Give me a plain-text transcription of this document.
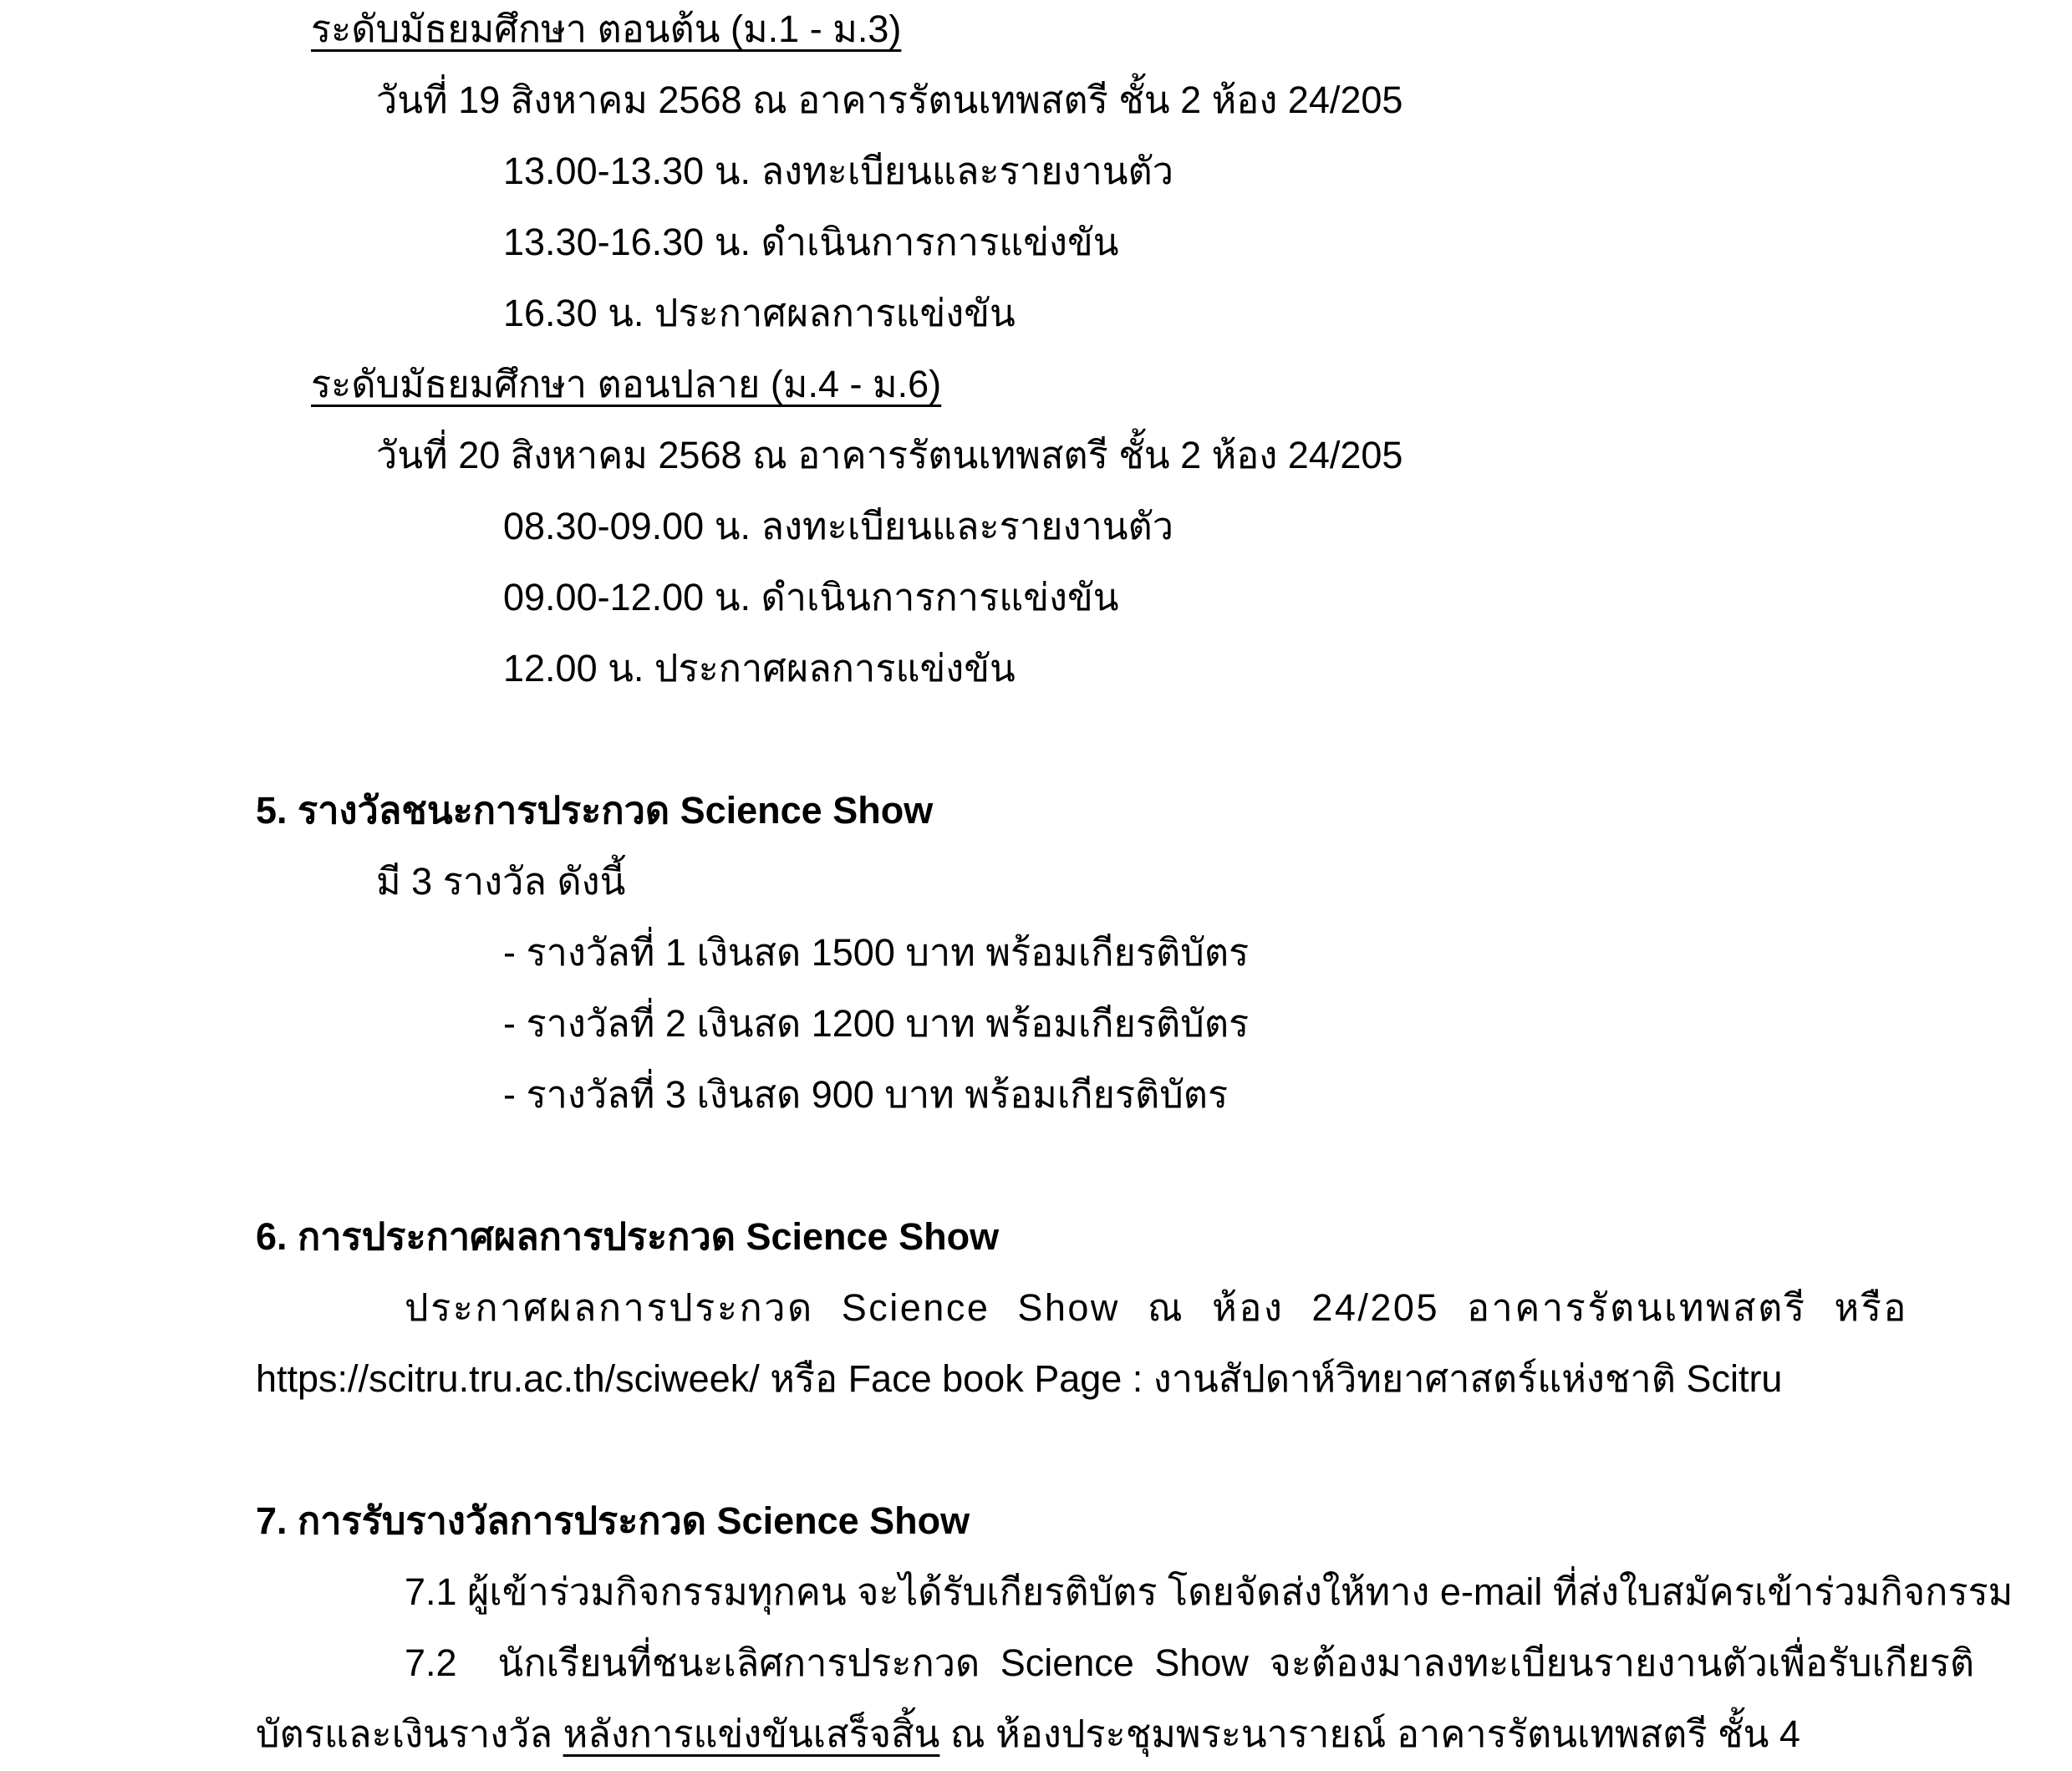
ระดับมัธยมศึกษา ตอนต้น (ม.1 - ม.3)
วันที่ 19 สิงหาคม 2568 ณ อาคารรัตนเทพสตรี ชั้น 2 ห้อง 24/205
13.00-13.30 น. ลงทะเบียนและรายงานตัว
13.30-16.30 น. ดำเนินการการแข่งขัน
16.30 น. ประกาศผลการแข่งขัน
ระดับมัธยมศึกษา ตอนปลาย (ม.4 - ม.6)
วันที่ 20 สิงหาคม 2568 ณ อาคารรัตนเทพสตรี ชั้น 2 ห้อง 24/205
08.30-09.00 น. ลงทะเบียนและรายงานตัว
09.00-12.00 น. ดำเนินการการแข่งขัน
12.00 น. ประกาศผลการแข่งขัน
5. รางวัลชนะการประกวด Science Show
มี 3 รางวัล ดังนี้
- รางวัลที่ 1 เงินสด 1500 บาท พร้อมเกียรติบัตร
- รางวัลที่ 2 เงินสด 1200 บาท พร้อมเกียรติบัตร
- รางวัลที่ 3 เงินสด 900 บาท พร้อมเกียรติบัตร
6. การประกาศผลการประกวด Science Show
ประกาศผลการประกวด Science Show ณ ห้อง 24/205 อาคารรัตนเทพสตรี หรือ
https://scitru.tru.ac.th/sciweek/ หรือ Face book Page : งานสัปดาห์วิทยาศาสตร์แห่งชาติ Scitru
7. การรับรางวัลการประกวด Science Show
7.1 ผู้เข้าร่วมกิจกรรมทุกคน จะได้รับเกียรติบัตร โดยจัดส่งให้ทาง e-mail ที่ส่งใบสมัครเข้าร่วมกิจกรรม
7.2  นักเรียนที่ชนะเลิศการประกวด Science Show จะต้องมาลงทะเบียนรายงานตัวเพื่อรับเกียรติ
บัตรและเงินรางวัล หลังการแข่งขันเสร็จสิ้น ณ ห้องประชุมพระนารายณ์ อาคารรัตนเทพสตรี ชั้น 4
